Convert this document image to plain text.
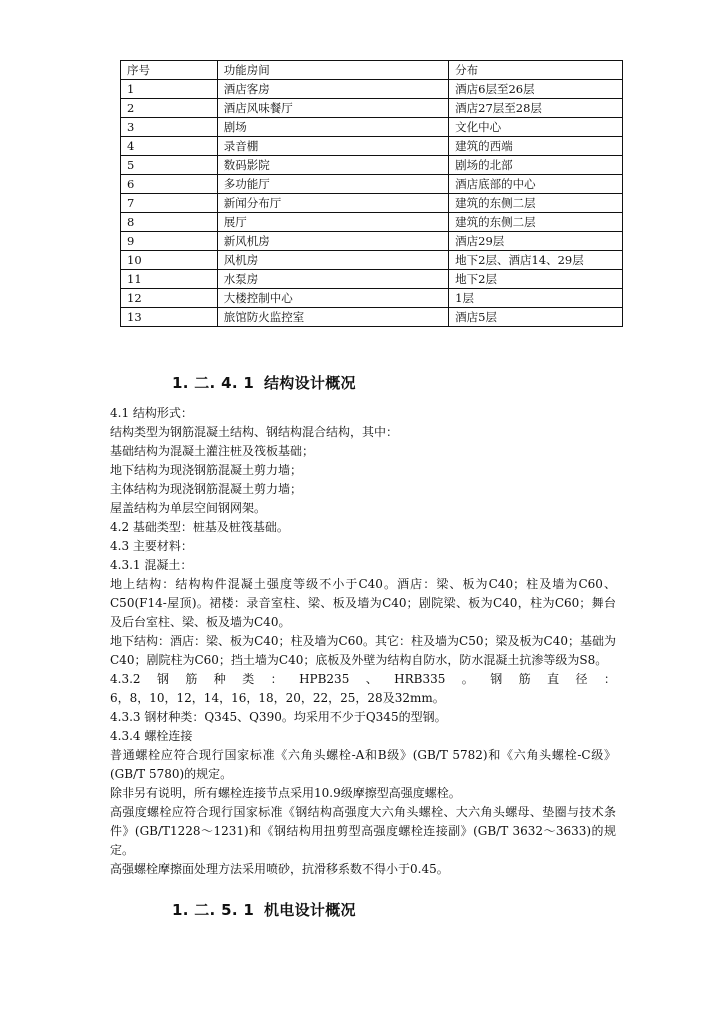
序号	功能房间	分布
1	酒店客房	酒店6层至26层
2	酒店风味餐厅	酒店27层至28层
3	剧场	文化中心
4	录音棚	建筑的西端
5	数码影院	剧场的北部
6	多功能厅	酒店底部的中心
7	新闻分布厅	建筑的东侧二层
8	展厅	建筑的东侧二层
9	新风机房	酒店29层
10	风机房	地下2层、酒店14、29层
11	水泵房	地下2层
12	大楼控制中心	1层
13	旅馆防火监控室	酒店5层
1. 二. 4. 1 结构设计概况

4.1 结构形式：

结构类型为钢筋混凝土结构、钢结构混合结构，其中：

基础结构为混凝土灌注桩及筏板基础；

地下结构为现浇钢筋混凝土剪力墙；

主体结构为现浇钢筋混凝土剪力墙；

屋盖结构为单层空间钢网架。

4.2 基础类型：桩基及桩筏基础。

4.3 主要材料：

4.3.1 混凝土：

地上结构：结构构件混凝土强度等级不小于C40。酒店：梁、板为C40；柱及墙为C60、C50(F14-屋顶)。裙楼：录音室柱、梁、板及墙为C40；剧院梁、板为C40，柱为C60；舞台及后台室柱、梁、板及墙为C40。

地下结构：酒店：梁、板为C40；柱及墙为C60。其它：柱及墙为C50；梁及板为C40；基础为C40；剧院柱为C60；挡土墙为C40；底板及外壁为结构自防水，防水混凝土抗渗等级为S8。

4.3.2 钢 筋 种 类 ： HPB235 、 HRB335 。 钢 筋 直 径 ：

6，8，10，12，14，16，18，20，22，25，28及32mm。

4.3.3 钢材种类：Q345、Q390。均采用不少于Q345的型钢。

4.3.4 螺栓连接

普通螺栓应符合现行国家标准《六角头螺栓-A和B级》(GB/T 5782)和《六角头螺栓-C级》(GB/T 5780)的规定。

除非另有说明，所有螺栓连接节点采用10.9级摩擦型高强度螺栓。

高强度螺栓应符合现行国家标准《钢结构高强度大六角头螺栓、大六角头螺母、垫圈与技术条件》(GB/T1228～1231)和《钢结构用扭剪型高强度螺栓连接副》(GB/T 3632～3633)的规定。

高强螺栓摩擦面处理方法采用喷砂，抗滑移系数不得小于0.45。

1. 二. 5. 1 机电设计概况
